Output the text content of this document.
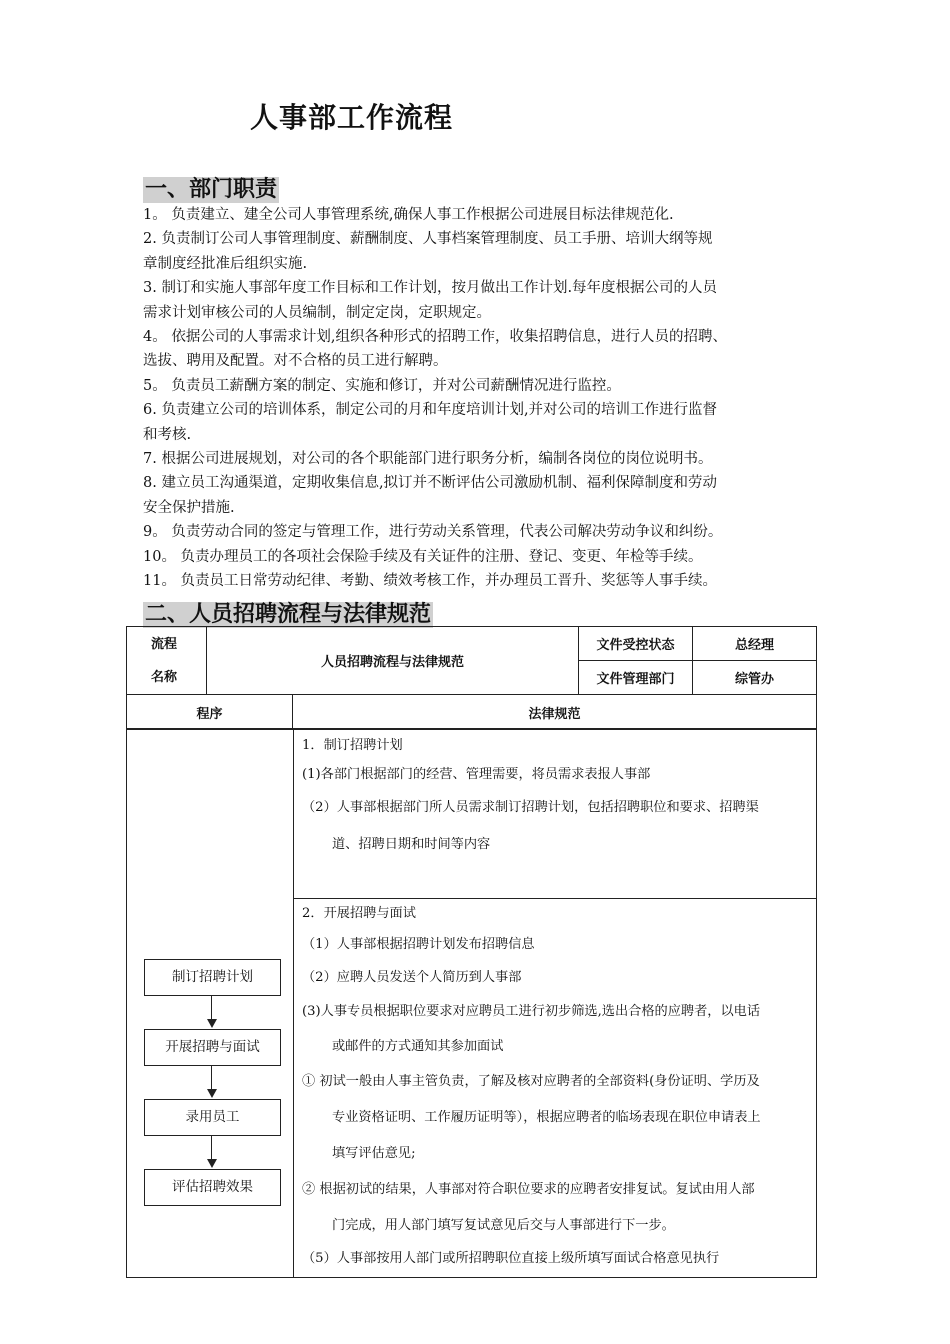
人事部工作流程
一、部门职责
1。 负责建立、建全公司人事管理系统,确保人事工作根据公司进展目标法律规范化.
2. 负责制订公司人事管理制度、薪酬制度、人事档案管理制度、员工手册、培训大纲等规
章制度经批准后组织实施.
3. 制订和实施人事部年度工作目标和工作计划，按月做出工作计划.每年度根据公司的人员
需求计划审核公司的人员编制，制定定岗，定职规定。
4。 依据公司的人事需求计划,组织各种形式的招聘工作，收集招聘信息，进行人员的招聘、
选拔、聘用及配置。对不合格的员工进行解聘。
5。 负责员工薪酬方案的制定、实施和修订，并对公司薪酬情况进行监控。
6. 负责建立公司的培训体系，制定公司的月和年度培训计划,并对公司的培训工作进行监督
和考核.
7. 根据公司进展规划，对公司的各个职能部门进行职务分析，编制各岗位的岗位说明书。
8. 建立员工沟通渠道，定期收集信息,拟订并不断评估公司激励机制、福利保障制度和劳动
安全保护措施.
9。 负责劳动合同的签定与管理工作，进行劳动关系管理，代表公司解决劳动争议和纠纷。
10。 负责办理员工的各项社会保险手续及有关证件的注册、登记、变更、年检等手续。
11。 负责员工日常劳动纪律、考勤、绩效考核工作，并办理员工晋升、奖惩等人事手续。
二、人员招聘流程与法律规范
流程
名称	人员招聘流程与法律规范		文件受控状态	总经理
			文件管理部门	综管办
程序		法律规范		
制订招聘计划
开展招聘与面试
录用员工
评估招聘效果

1．制订招聘计划

(1)各部门根据部门的经营、管理需要，将员需求表报人事部

（2）人事部根据部门所人员需求制订招聘计划，包括招聘职位和要求、招聘渠

道、招聘日期和时间等内容

2．开展招聘与面试

（1）人事部根据招聘计划发布招聘信息

（2）应聘人员发送个人简历到人事部

(3)人事专员根据职位要求对应聘员工进行初步筛选,选出合格的应聘者，以电话

或邮件的方式通知其参加面试

① 初试一般由人事主管负责，了解及核对应聘者的全部资料(身份证明、学历及

专业资格证明、工作履历证明等），根据应聘者的临场表现在职位申请表上

填写评估意见;

② 根据初试的结果，人事部对符合职位要求的应聘者安排复试。复试由用人部

门完成，用人部门填写复试意见后交与人事部进行下一步。

（5）人事部按用人部门或所招聘职位直接上级所填写面试合格意见执行
